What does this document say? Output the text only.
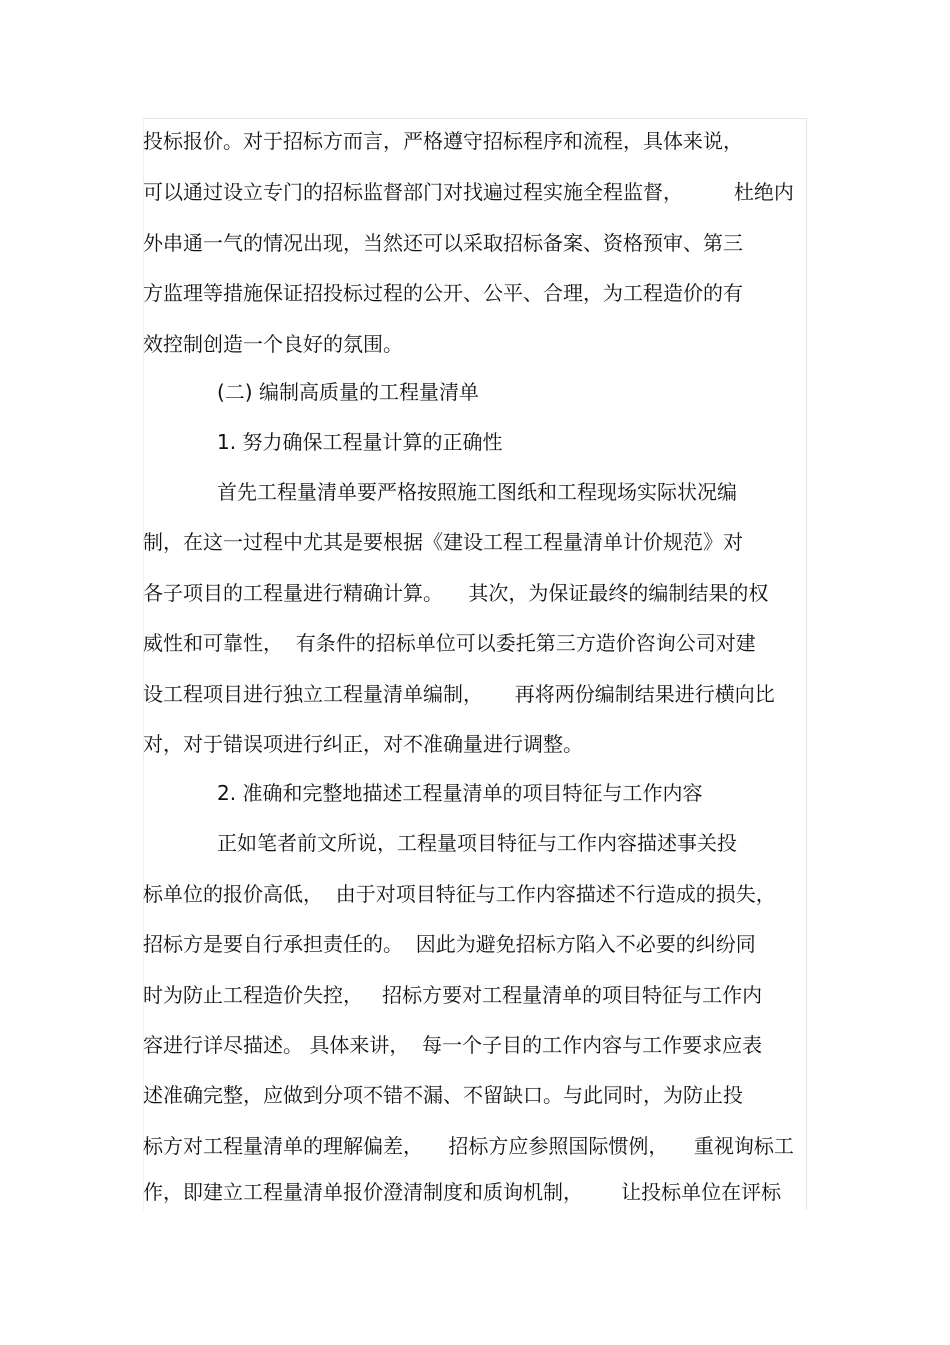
投标报价。对于招标方而言，严格遵守招标程序和流程，具体来说，
可以通过设立专门的招标监督部门对找遍过程实施全程监督，        杜绝内
外串通一气的情况出现，当然还可以采取招标备案、资格预审、第三
方监理等措施保证招投标过程的公开、公平、合理，为工程造价的有
效控制创造一个良好的氛围。
(二) 编制高质量的工程量清单
1. 努力确保工程量计算的正确性
首先工程量清单要严格按照施工图纸和工程现场实际状况编
制，在这一过程中尤其是要根据《建设工程工程量清单计价规范》对
各子项目的工程量进行精确计算。    其次，为保证最终的编制结果的权
威性和可靠性，  有条件的招标单位可以委托第三方造价咨询公司对建
设工程项目进行独立工程量清单编制，     再将两份编制结果进行横向比
对，对于错误项进行纠正，对不准确量进行调整。
2. 准确和完整地描述工程量清单的项目特征与工作内容
正如笔者前文所说，工程量项目特征与工作内容描述事关投
标单位的报价高低，  由于对项目特征与工作内容描述不行造成的损失，
招标方是要自行承担责任的。  因此为避免招标方陷入不必要的纠纷同
时为防止工程造价失控，   招标方要对工程量清单的项目特征与工作内
容进行详尽描述。 具体来讲，  每一个子目的工作内容与工作要求应表
述准确完整，应做到分项不错不漏、不留缺口。与此同时，为防止投
标方对工程量清单的理解偏差，    招标方应参照国际惯例，    重视询标工
作，即建立工程量清单报价澄清制度和质询机制，      让投标单位在评标
